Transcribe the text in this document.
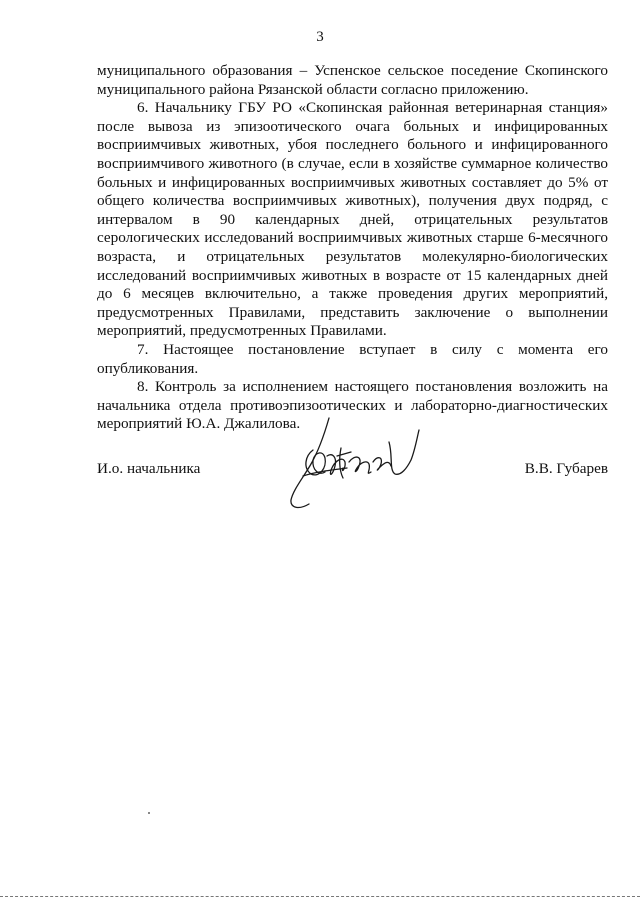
3

муниципального образования – Успенское сельское поседение Скопинского муниципального района Рязанской области согласно приложению.

6. Начальнику ГБУ РО «Скопинская районная ветеринарная станция» после вывоза из эпизоотического очага больных и инфицированных восприимчивых животных, убоя последнего больного и инфицированного восприимчивого животного (в случае, если в хозяйстве суммарное количество больных и инфицированных восприимчивых животных составляет до 5% от общего количества восприимчивых животных), получения двух подряд, с интервалом в 90 календарных дней, отрицательных результатов серологических исследований восприимчивых животных старше 6-месячного возраста, и отрицательных результатов молекулярно-биологических исследований восприимчивых животных в возрасте от 15 календарных дней до 6 месяцев включительно, а также проведения других мероприятий, предусмотренных Правилами, представить заключение о выполнении мероприятий, предусмотренных Правилами.

7. Настоящее постановление вступает в силу с момента его опубликования.

8. Контроль за исполнением настоящего постановления возложить на начальника отдела противоэпизоотических и лабораторно-диагностических мероприятий Ю.А. Джалилова.

И.о. начальника	В.В. Губарев
